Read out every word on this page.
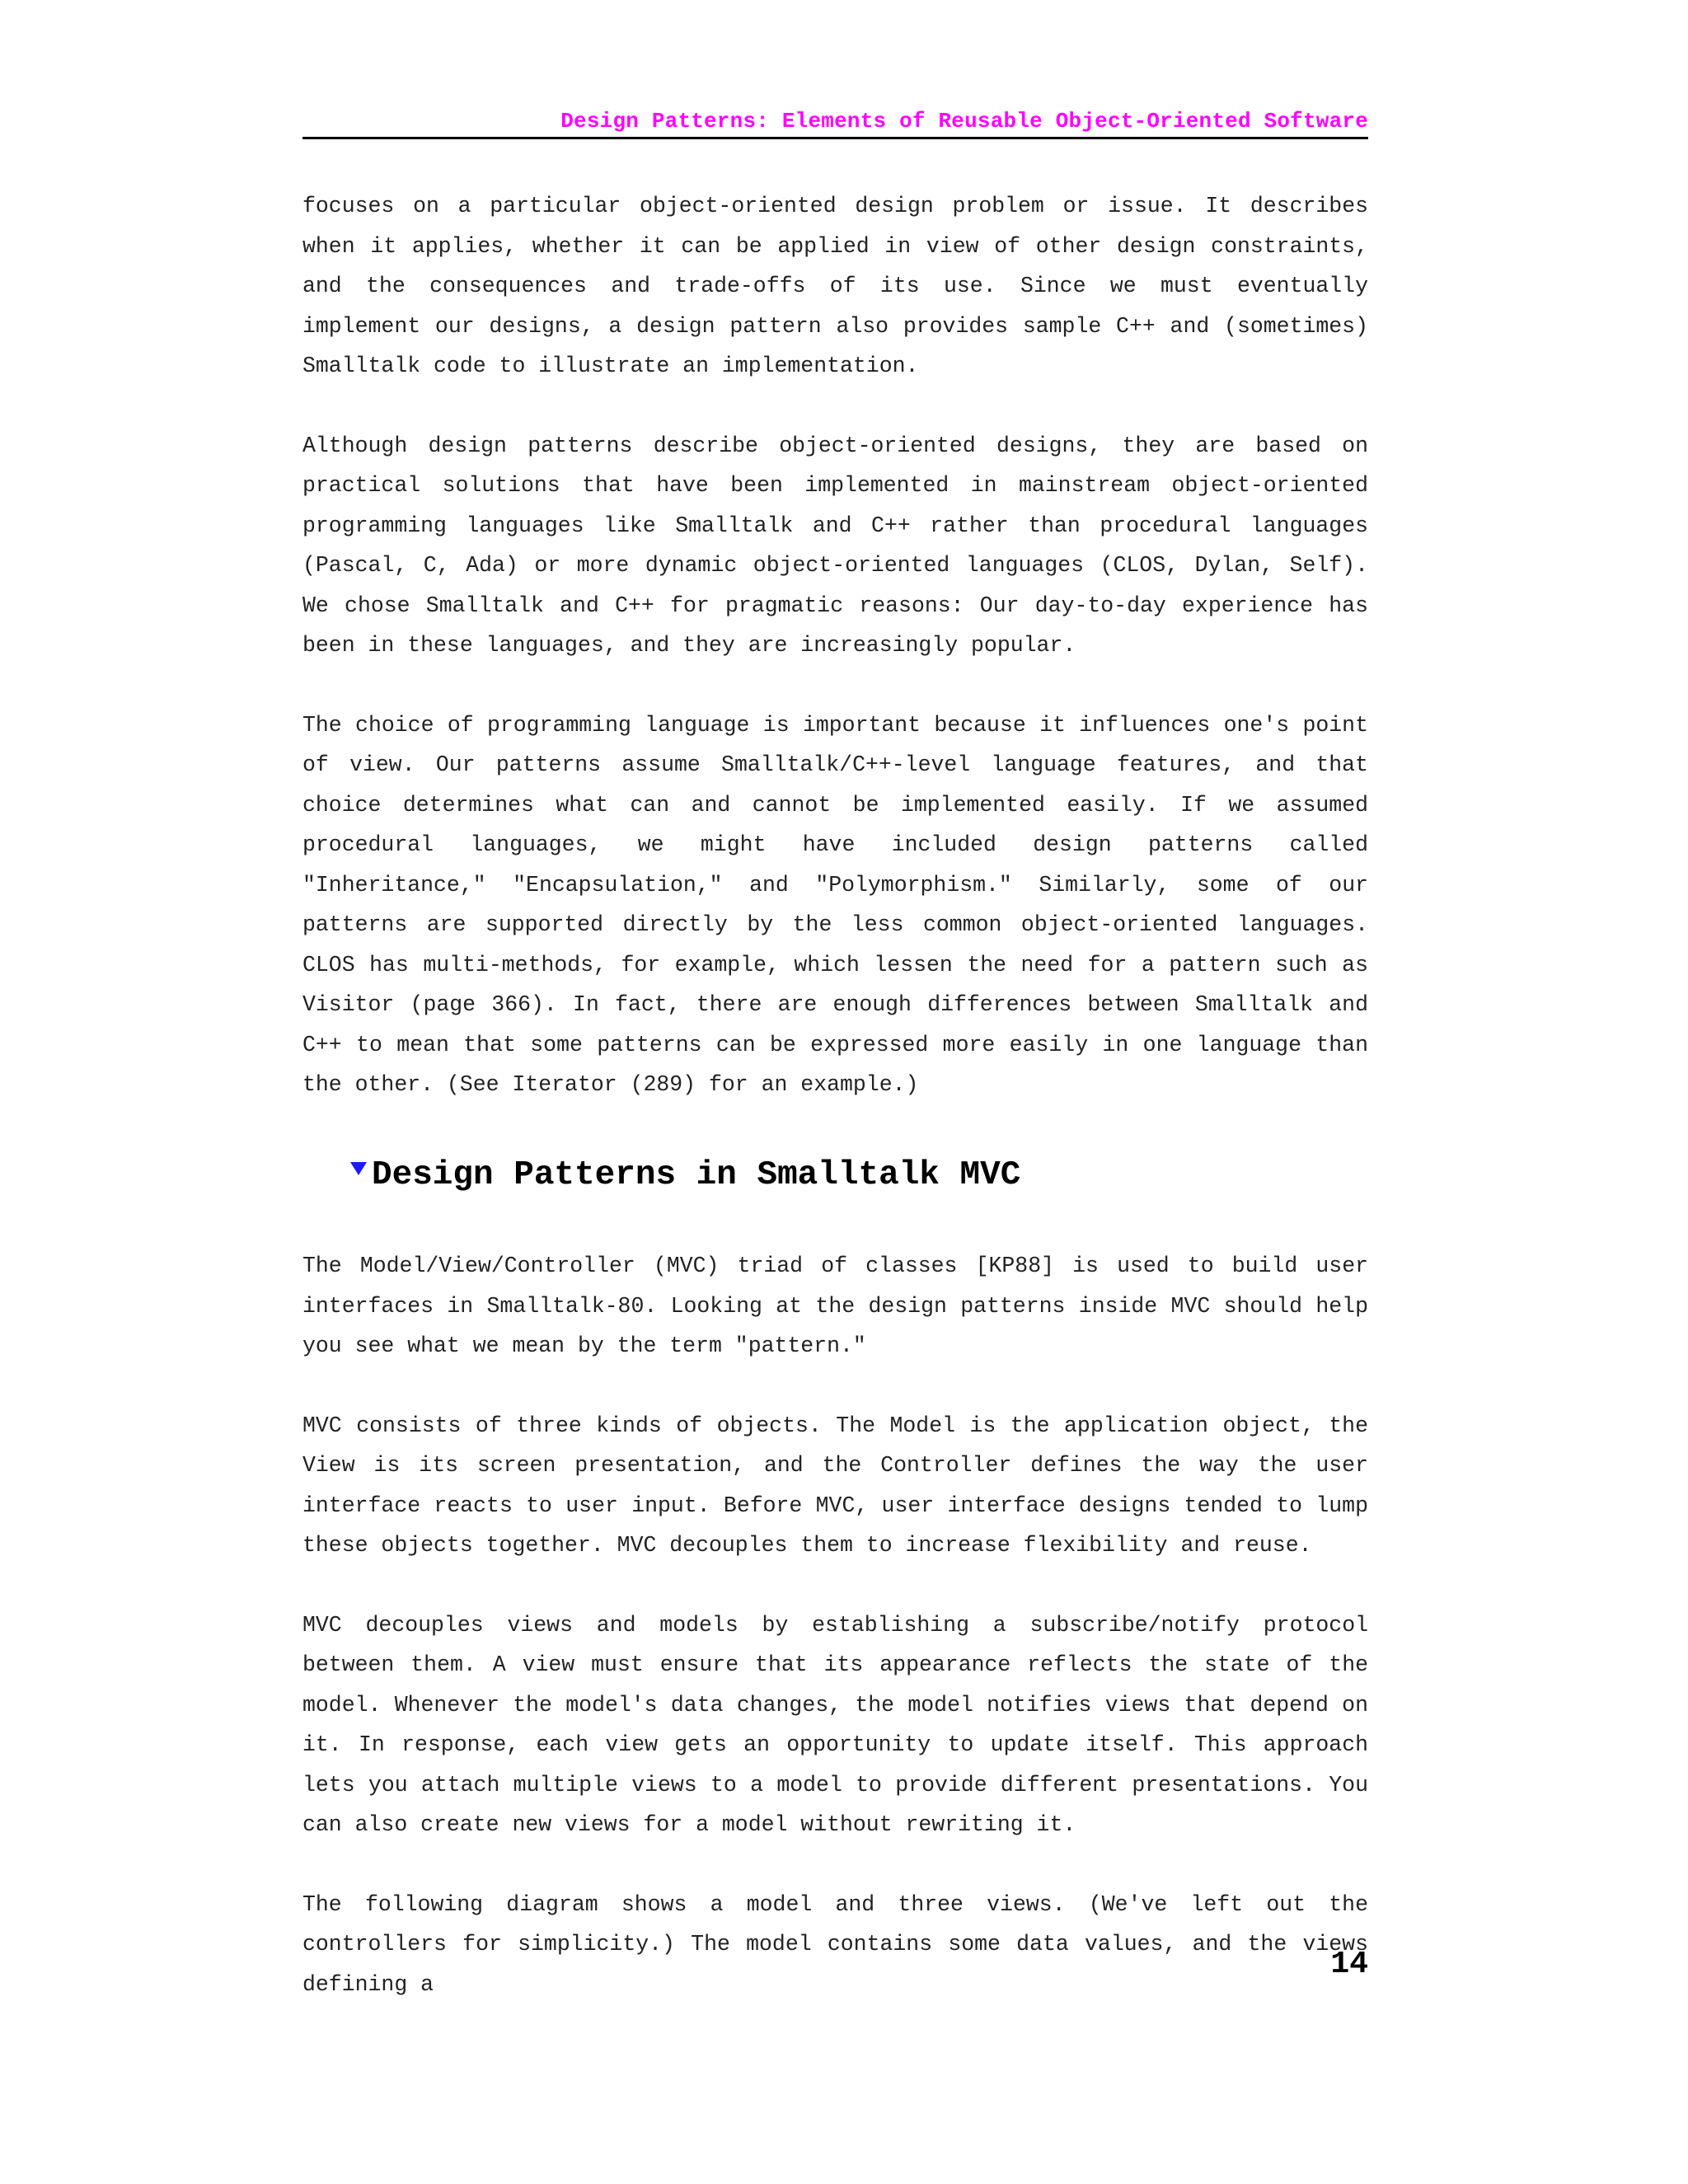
Design Patterns: Elements of Reusable Object-Oriented Software

focuses on a particular object-oriented design problem or issue. It describes when it applies, whether it can be applied in view of other design constraints, and the consequences and trade-offs of its use. Since we must eventually implement our designs, a design pattern also provides sample C++ and (sometimes) Smalltalk code to illustrate an implementation.

Although design patterns describe object-oriented designs, they are based on practical solutions that have been implemented in mainstream object-oriented programming languages like Smalltalk and C++ rather than procedural languages (Pascal, C, Ada) or more dynamic object-oriented languages (CLOS, Dylan, Self). We chose Smalltalk and C++ for pragmatic reasons: Our day-to-day experience has been in these languages, and they are increasingly popular.

The choice of programming language is important because it influences one's point of view. Our patterns assume Smalltalk/C++-level language features, and that choice determines what can and cannot be implemented easily. If we assumed procedural languages, we might have included design patterns called "Inheritance," "Encapsulation," and "Polymorphism." Similarly, some of our patterns are supported directly by the less common object-oriented languages. CLOS has multi-methods, for example, which lessen the need for a pattern such as Visitor (page 366). In fact, there are enough differences between Smalltalk and C++ to mean that some patterns can be expressed more easily in one language than the other. (See Iterator (289) for an example.)

Design Patterns in Smalltalk MVC

The Model/View/Controller (MVC) triad of classes [KP88] is used to build user interfaces in Smalltalk-80. Looking at the design patterns inside MVC should help you see what we mean by the term "pattern."

MVC consists of three kinds of objects. The Model is the application object, the View is its screen presentation, and the Controller defines the way the user interface reacts to user input. Before MVC, user interface designs tended to lump these objects together. MVC decouples them to increase flexibility and reuse.

MVC decouples views and models by establishing a subscribe/notify protocol between them. A view must ensure that its appearance reflects the state of the model. Whenever the model's data changes, the model notifies views that depend on it. In response, each view gets an opportunity to update itself. This approach lets you attach multiple views to a model to provide different presentations. You can also create new views for a model without rewriting it.

The following diagram shows a model and three views. (We've left out the controllers for simplicity.) The model contains some data values, and the views defining a

14
